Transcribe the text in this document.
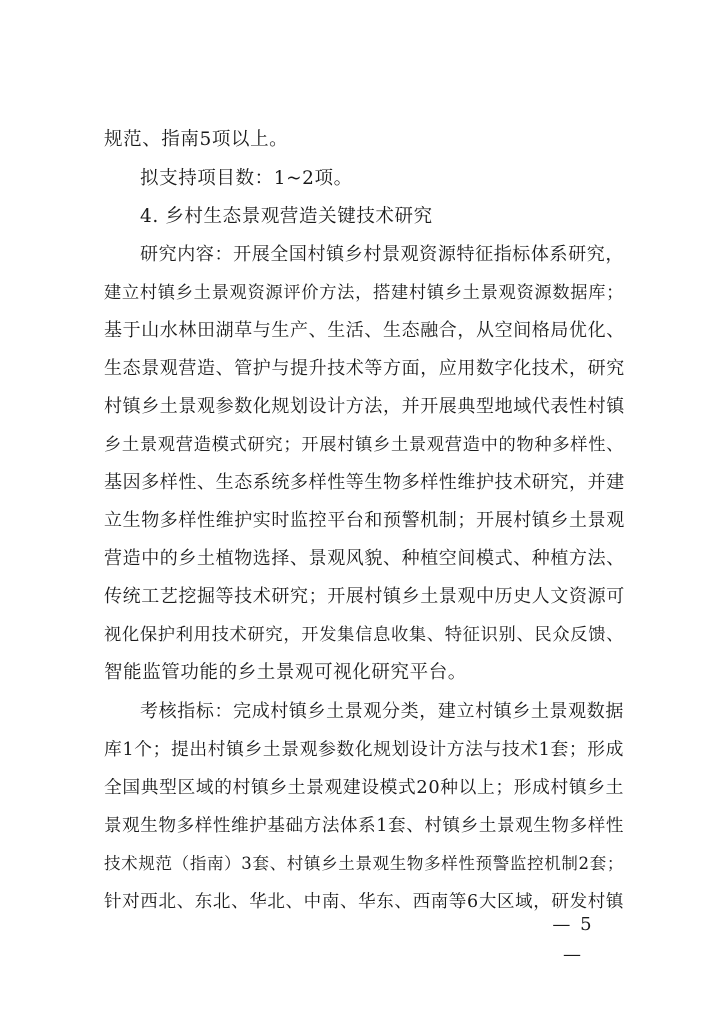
规范、指南5项以上。
拟支持项目数：1~2项。
4. 乡村生态景观营造关键技术研究
研究内容：开展全国村镇乡村景观资源特征指标体系研究，
建立村镇乡土景观资源评价方法，搭建村镇乡土景观资源数据库；
基于山水林田湖草与生产、生活、生态融合，从空间格局优化、
生态景观营造、管护与提升技术等方面，应用数字化技术，研究
村镇乡土景观参数化规划设计方法，并开展典型地域代表性村镇
乡土景观营造模式研究；开展村镇乡土景观营造中的物种多样性、
基因多样性、生态系统多样性等生物多样性维护技术研究，并建
立生物多样性维护实时监控平台和预警机制；开展村镇乡土景观
营造中的乡土植物选择、景观风貌、种植空间模式、种植方法、
传统工艺挖掘等技术研究；开展村镇乡土景观中历史人文资源可
视化保护利用技术研究，开发集信息收集、特征识别、民众反馈、
智能监管功能的乡土景观可视化研究平台。
考核指标：完成村镇乡土景观分类，建立村镇乡土景观数据
库1个；提出村镇乡土景观参数化规划设计方法与技术1套；形成
全国典型区域的村镇乡土景观建设模式20种以上；形成村镇乡土
景观生物多样性维护基础方法体系1套、村镇乡土景观生物多样性
技术规范（指南）3套、村镇乡土景观生物多样性预警监控机制2套；
针对西北、东北、华北、中南、华东、西南等6大区域，研发村镇
— 5 —
